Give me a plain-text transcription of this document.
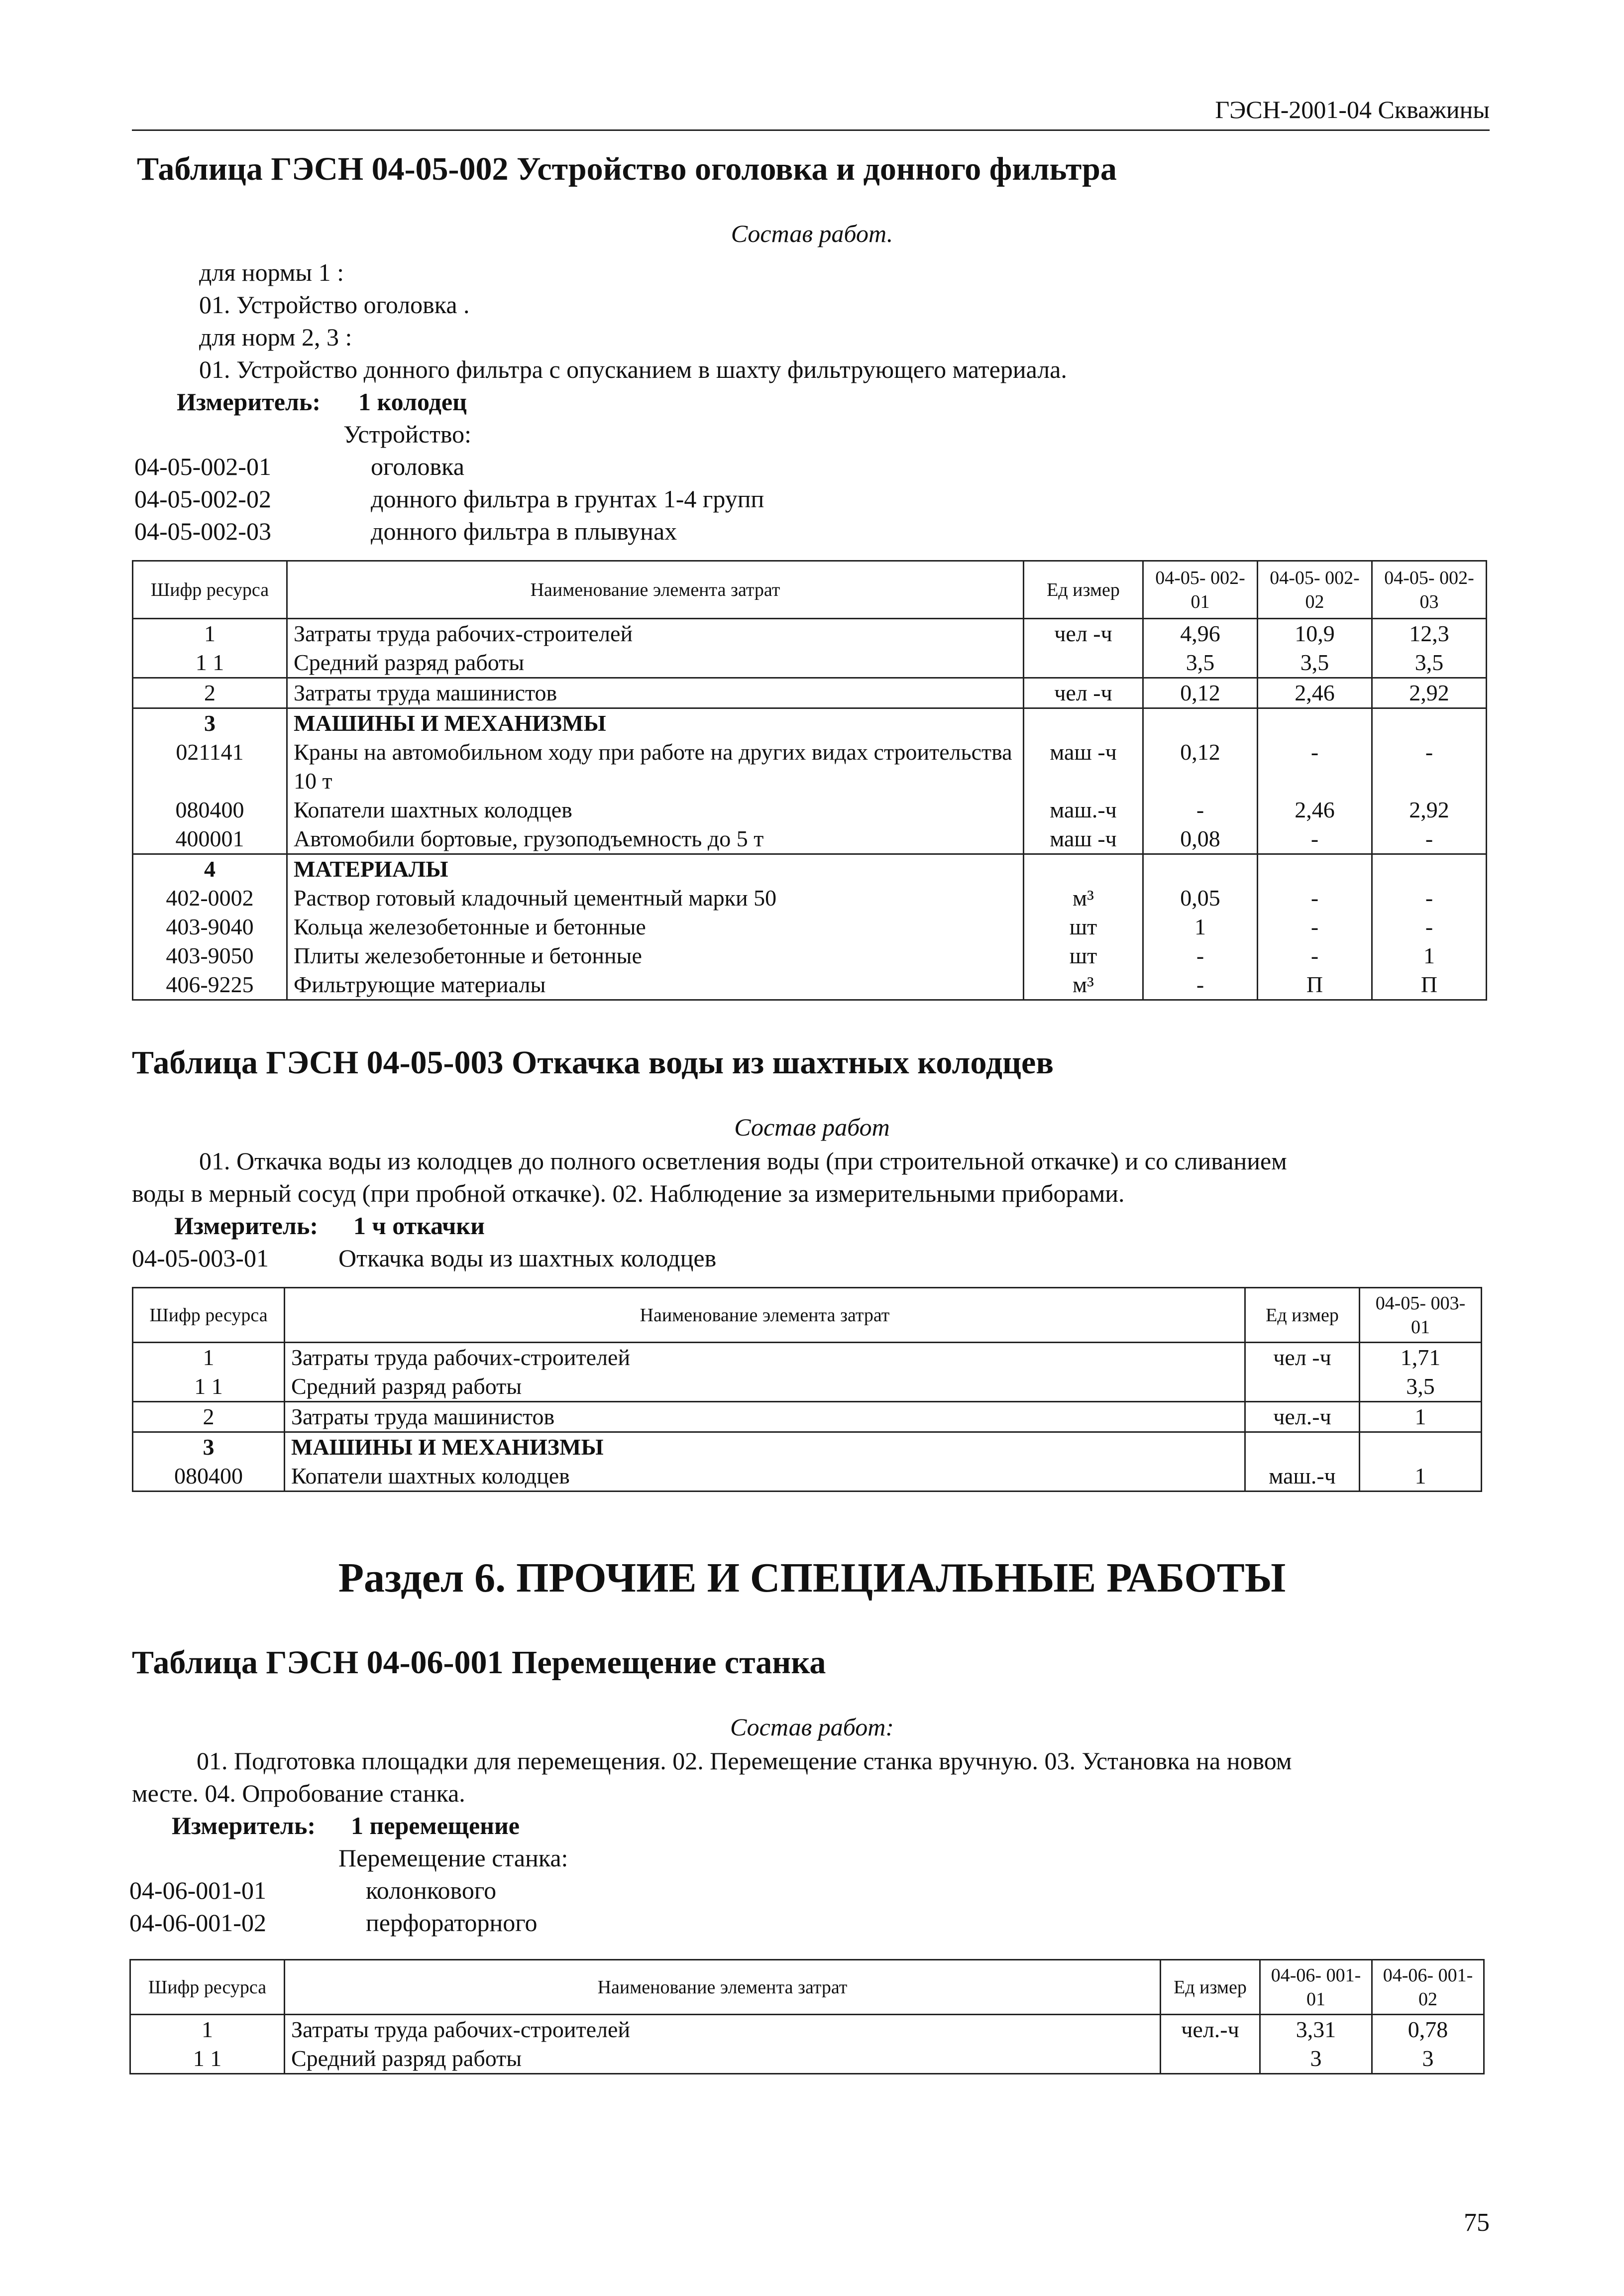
ГЭСН-2001-04 Скважины
Таблица ГЭСН 04-05-002 Устройство оголовка и донного фильтра
Состав работ.
для нормы 1 :
01. Устройство оголовка .
для норм 2, 3 :
01. Устройство донного фильтра с опусканием в шахту фильтрующего материала.
Измеритель: 1 колодец
Устройство:
04-05-002-01	оголовка
04-05-002-02	донного фильтра в грунтах 1-4 групп
04-05-002-03	донного фильтра в плывунах
Шифр ресурса	Наименование элемента затрат	Ед измер	04-05- 002-01	04-05- 002-02	04-05- 002-03
1	Затраты труда рабочих-строителей	чел -ч	4,96	10,9	12,3
1 1	Средний разряд работы		3,5	3,5	3,5
2	Затраты труда машинистов	чел -ч	0,12	2,46	2,92
3	МАШИНЫ И МЕХАНИЗМЫ				
021141	Краны на автомобильном ходу при работе на других видах строительства 10 т	маш -ч	0,12	-	-
080400	Копатели шахтных колодцев	маш.-ч	-	2,46	2,92
400001	Автомобили бортовые, грузоподъемность до 5 т	маш -ч	0,08	-	-
4	МАТЕРИАЛЫ				
402-0002	Раствор готовый кладочный цементный марки 50	м³	0,05	-	-
403-9040	Кольца железобетонные и бетонные	шт	1	-	-
403-9050	Плиты железобетонные и бетонные	шт	-	-	1
406-9225	Фильтрующие материалы	м³	-	П	П
Таблица ГЭСН 04-05-003 Откачка воды из шахтных колодцев
Состав работ
01. Откачка воды из колодцев до полного осветления воды (при строительной откачке) и со сливанием
воды в мерный сосуд (при пробной откачке). 02. Наблюдение за измерительными приборами.
Измеритель: 1 ч откачки
04-05-003-01	Откачка воды из шахтных колодцев
Шифр ресурса	Наименование элемента затрат	Ед измер	04-05- 003-01
1	Затраты труда рабочих-строителей	чел -ч	1,71
1 1	Средний разряд работы		3,5
2	Затраты труда машинистов	чел.-ч	1
3	МАШИНЫ И МЕХАНИЗМЫ		
080400	Копатели шахтных колодцев	маш.-ч	1
Раздел 6. ПРОЧИЕ И СПЕЦИАЛЬНЫЕ РАБОТЫ
Таблица ГЭСН 04-06-001 Перемещение станка
Состав работ:
01. Подготовка площадки для перемещения. 02. Перемещение станка вручную. 03. Установка на новом
месте. 04. Опробование станка.
Измеритель: 1 перемещение
Перемещение станка:
04-06-001-01	колонкового
04-06-001-02	перфораторного
Шифр ресурса	Наименование элемента затрат	Ед измер	04-06- 001-01	04-06- 001-02
1	Затраты труда рабочих-строителей	чел.-ч	3,31	0,78
1 1	Средний разряд работы		3	3
75
